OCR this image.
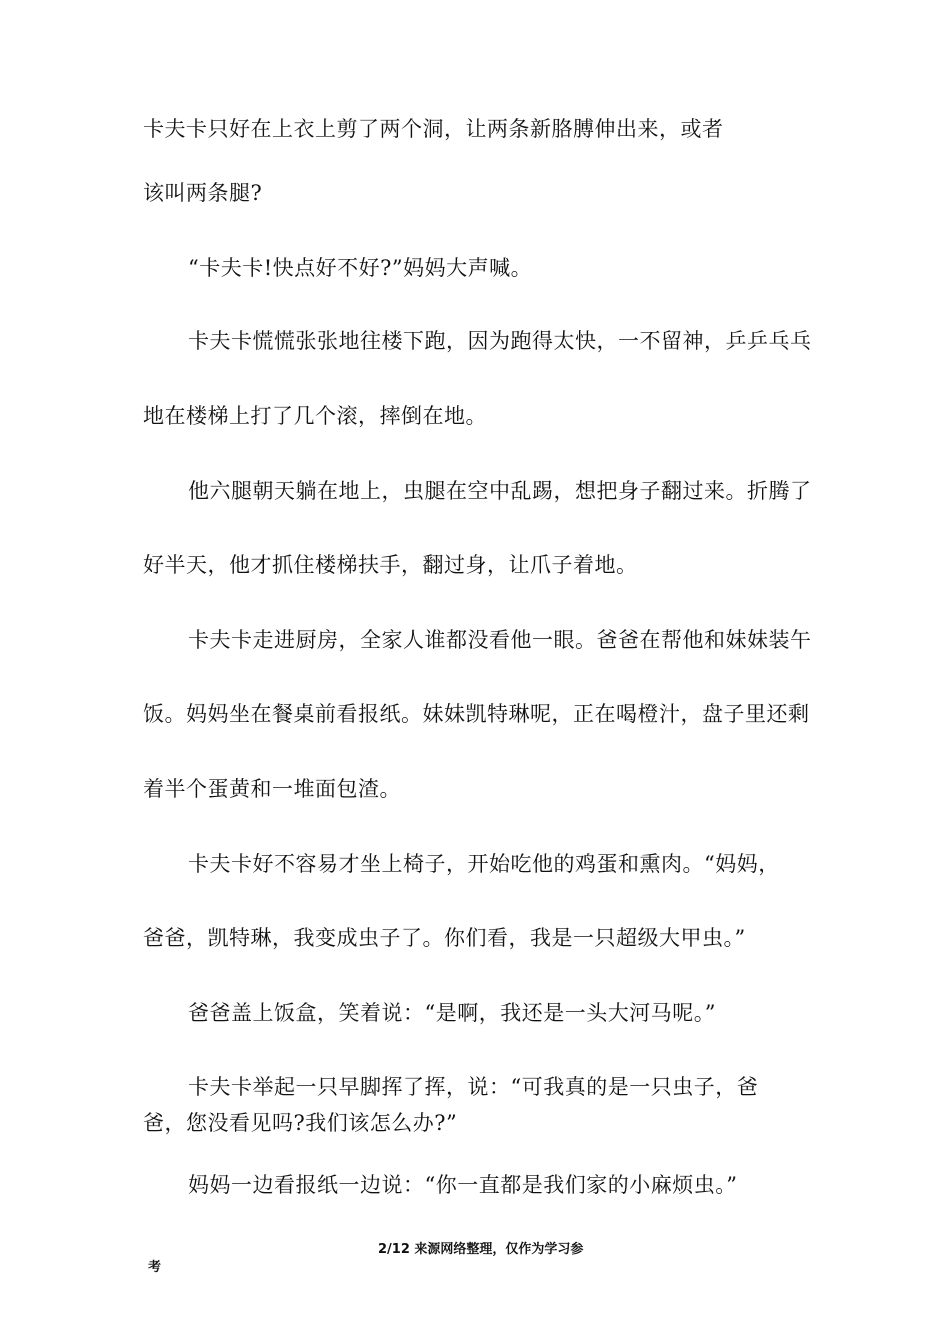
卡夫卡只好在上衣上剪了两个洞，让两条新胳膊伸出来，或者
该叫两条腿?
“卡夫卡!快点好不好?”妈妈大声喊。
卡夫卡慌慌张张地往楼下跑，因为跑得太快，一不留神，乒乒乓乓
地在楼梯上打了几个滚，摔倒在地。
他六腿朝天躺在地上，虫腿在空中乱踢，想把身子翻过来。折腾了
好半天，他才抓住楼梯扶手，翻过身，让爪子着地。
卡夫卡走进厨房，全家人谁都没看他一眼。爸爸在帮他和妹妹装午
饭。妈妈坐在餐桌前看报纸。妹妹凯特琳呢，正在喝橙汁，盘子里还剩
着半个蛋黄和一堆面包渣。
卡夫卡好不容易才坐上椅子，开始吃他的鸡蛋和熏肉。“妈妈，
爸爸，凯特琳，我变成虫子了。你们看，我是一只超级大甲虫。”
爸爸盖上饭盒，笑着说：“是啊，我还是一头大河马呢。”
卡夫卡举起一只早脚挥了挥，说：“可我真的是一只虫子，爸
爸，您没看见吗?我们该怎么办?”
妈妈一边看报纸一边说：“你一直都是我们家的小麻烦虫。”
2/12 来源网络整理，仅作为学习参
考
